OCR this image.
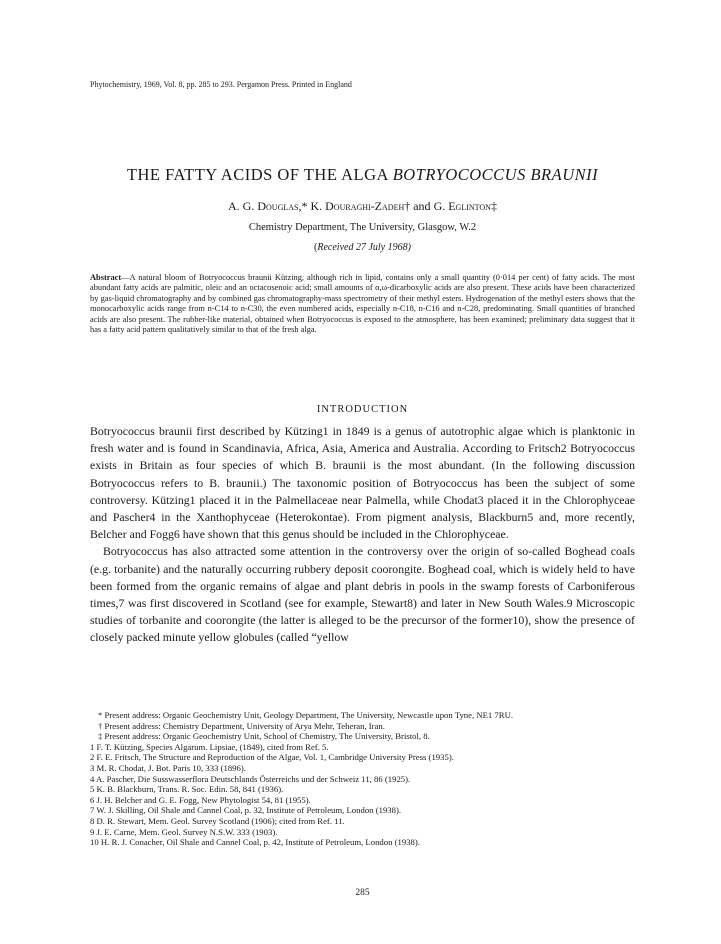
Phytochemistry, 1969, Vol. 8, pp. 285 to 293. Pergamon Press. Printed in England
THE FATTY ACIDS OF THE ALGA BOTRYOCOCCUS BRAUNII
A. G. Douglas,* K. Douraghi-Zadeh† and G. Eglinton‡
Chemistry Department, The University, Glasgow, W.2
(Received 27 July 1968)
Abstract—A natural bloom of Botryococcus braunii Kützing, although rich in lipid, contains only a small quantity (0·014 per cent) of fatty acids. The most abundant fatty acids are palmitic, oleic and an octacosenoic acid; small amounts of α,ω-dicarboxylic acids are also present. These acids have been characterized by gas-liquid chromatography and by combined gas chromatography-mass spectrometry of their methyl esters. Hydrogenation of the methyl esters shows that the monocarboxylic acids range from n-C14 to n-C30, the even numbered acids, especially n-C18, n-C16 and n-C28, predominating. Small quantities of branched acids are also present. The rubber-like material, obtained when Botryococcus is exposed to the atmosphere, has been examined; preliminary data suggest that it has a fatty acid pattern qualitatively similar to that of the fresh alga.
INTRODUCTION

Botryococcus braunii first described by Kützing1 in 1849 is a genus of autotrophic algae which is planktonic in fresh water and is found in Scandinavia, Africa, Asia, America and Australia. According to Fritsch2 Botryococcus exists in Britain as four species of which B. braunii is the most abundant. (In the following discussion Botryococcus refers to B. braunii.) The taxonomic position of Botryococcus has been the subject of some controversy. Kützing1 placed it in the Palmellaceae near Palmella, while Chodat3 placed it in the Chlorophyceae and Pascher4 in the Xanthophyceae (Heterokontae). From pigment analysis, Blackburn5 and, more recently, Belcher and Fogg6 have shown that this genus should be included in the Chlorophyceae.

Botryococcus has also attracted some attention in the controversy over the origin of so-called Boghead coals (e.g. torbanite) and the naturally occurring rubbery deposit coorongite. Boghead coal, which is widely held to have been formed from the organic remains of algae and plant debris in pools in the swamp forests of Carboniferous times,7 was first discovered in Scotland (see for example, Stewart8) and later in New South Wales.9 Microscopic studies of torbanite and coorongite (the latter is alleged to be the precursor of the former10), show the presence of closely packed minute yellow globules (called “yellow

* Present address: Organic Geochemistry Unit, Geology Department, The University, Newcastle upon Tyne, NE1 7RU.
† Present address: Chemistry Department, University of Arya Mehr, Teheran, Iran.
‡ Present address: Organic Geochemistry Unit, School of Chemistry, The University, Bristol, 8.
1 F. T. Kützing, Species Algarum. Lipsiae, (1849), cited from Ref. 5.
2 F. E. Fritsch, The Structure and Reproduction of the Algae, Vol. 1, Cambridge University Press (1935).
3 M. R. Chodat, J. Bot. Paris 10, 333 (1896).
4 A. Pascher, Die Susswasserflora Deutschlands Österreichs und der Schweiz 11, 86 (1925).
5 K. B. Blackburn, Trans. R. Soc. Edin. 58, 841 (1936).
6 J. H. Belcher and G. E. Fogg, New Phytologist 54, 81 (1955).
7 W. J. Skilling, Oil Shale and Cannel Coal, p. 32, Institute of Petroleum, London (1938).
8 D. R. Stewart, Mem. Geol. Survey Scotland (1906); cited from Ref. 11.
9 J. E. Carne, Mem. Geol. Survey N.S.W. 333 (1903).
10 H. R. J. Conacher, Oil Shale and Cannel Coal, p. 42, Institute of Petroleum, London (1938).
285
